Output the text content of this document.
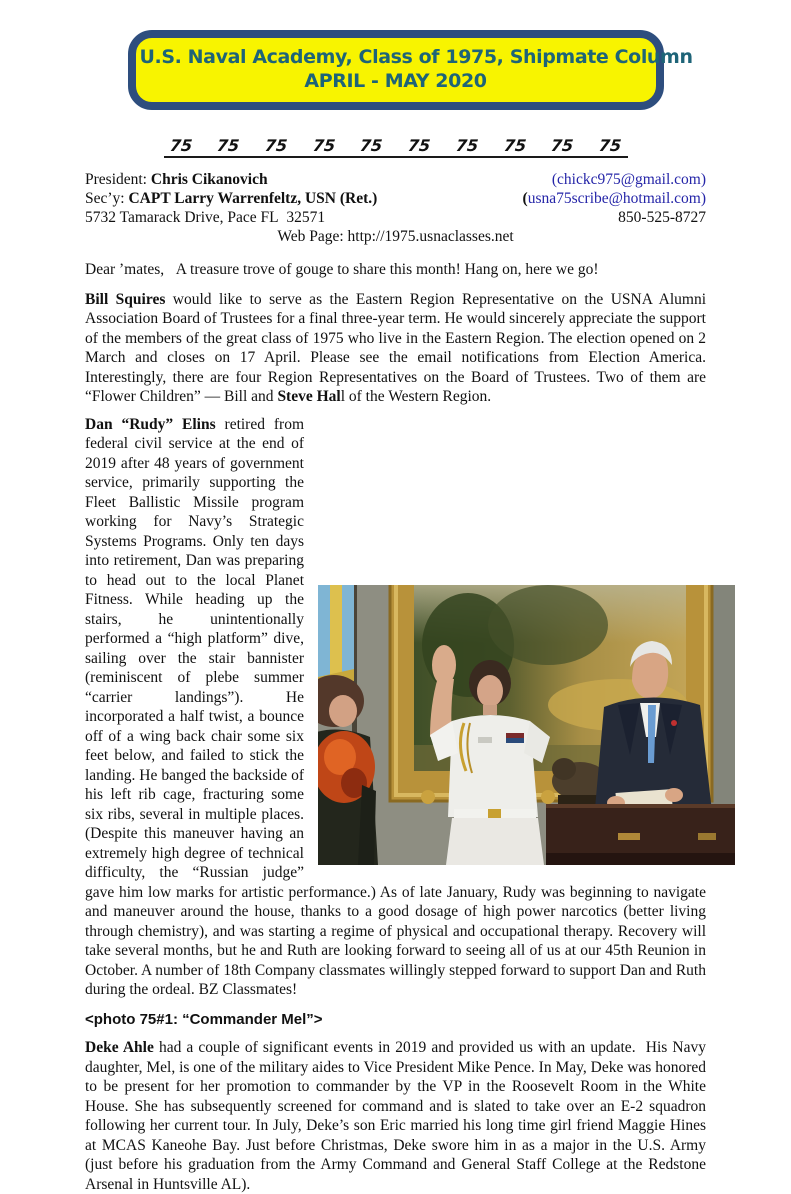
U.S. Naval Academy, Class of 1975, Shipmate Column
APRIL - MAY 2020
75 75 75 75 75 75 75 75 75 75
President: Chris Cikanovich	(chickc975@gmail.com)
Sec’y: CAPT Larry Warrenfeltz, USN (Ret.)	(usna75scribe@hotmail.com)
5732 Tamarack Drive, Pace FL  32571	850-525-8727
Web Page: http://1975.usnaclasses.net

Dear ’mates,   A treasure trove of gouge to share this month! Hang on, here we go!

Bill Squires would like to serve as the Eastern Region Representative on the USNA Alumni Association Board of Trustees for a final three-year term. He would sincerely appreciate the support of the members of the great class of 1975 who live in the Eastern Region. The election opened on 2 March and closes on 17 April. Please see the email notifications from Election America. Interestingly, there are four Region Representatives on the Board of Trustees. Two of them are “Flower Children” — Bill and Steve Hall of the Western Region.

Dan “Rudy” Elins retired from federal civil service at the end of 2019 after 48 years of government service, primarily supporting the Fleet Ballistic Missile program working for Navy’s Strategic Systems Programs. Only ten days into retirement, Dan was preparing to head out to the local Planet Fitness. While heading up the stairs, he unintentionally performed a “high platform” dive, sailing over the stair bannister (reminiscent of plebe summer “carrier landings”). He incorporated a half twist, a bounce off of a wing back chair some six feet below, and failed to stick the landing. He banged the backside of his left rib cage, fracturing some six ribs, several in multiple places. (Despite this maneuver having an extremely high degree of technical difficulty, the “Russian judge” gave him low marks for artistic performance.) As of late January, Rudy was beginning to navigate and maneuver around the house, thanks to a good dosage of high power narcotics (better living through chemistry), and was starting a regime of physical and occupational therapy. Recovery will take several months, but he and Ruth are looking forward to seeing all of us at our 45th Reunion in October. A number of 18th Company classmates willingly stepped forward to support Dan and Ruth during the ordeal. BZ Classmates!

<photo 75#1: “Commander Mel”>

Deke Ahle had a couple of significant events in 2019 and provided us with an update.  His Navy daughter, Mel, is one of the military aides to Vice President Mike Pence. In May, Deke was honored to be present for her promotion to commander by the VP in the Roosevelt Room in the White House. She has subsequently screened for command and is slated to take over an E-2 squadron following her current tour. In July, Deke’s son Eric married his long time girl friend Maggie Hines at MCAS Kaneohe Bay. Just before Christmas, Deke swore him in as a major in the U.S. Army (just before his graduation from the Army Command and General Staff College at the Redstone Arsenal in Huntsville AL).
